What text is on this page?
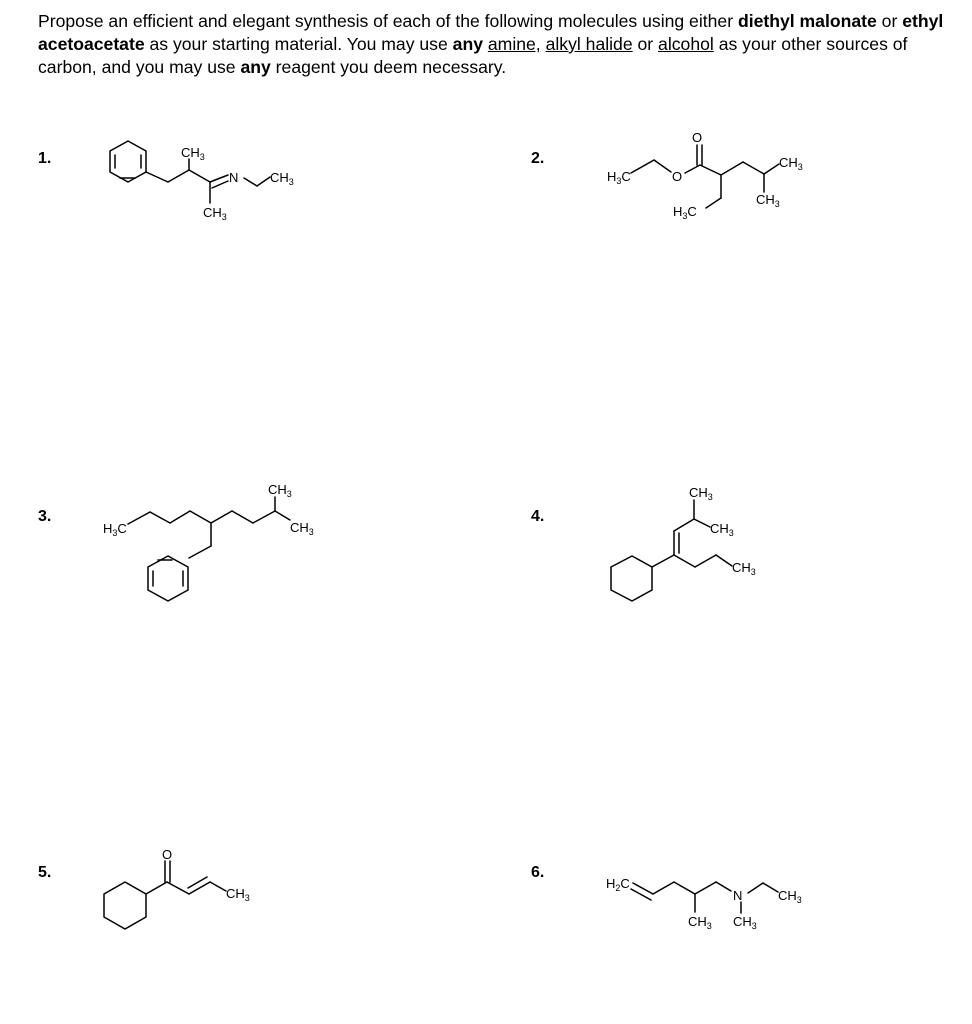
Propose an efficient and elegant synthesis of each of the following molecules using either diethyl malonate or ethyl acetoacetate as your starting material. You may use any amine, alkyl halide or alcohol as your other sources of carbon, and you may use any reagent you deem necessary.
1.	2.
3.	4.
5.	6.
$CH_3$
N $CH_3$
$CH_3$
O
$H_3C$	O
$CH_3$
$CH_3$
$H_3C$
$H_3C$
$CH_3$
$CH_3$
$CH_3$
$CH_3$
$CH_3$
O
$CH_3$
$H_2C$
N	$CH_3$
$CH_3$ $CH_3$
